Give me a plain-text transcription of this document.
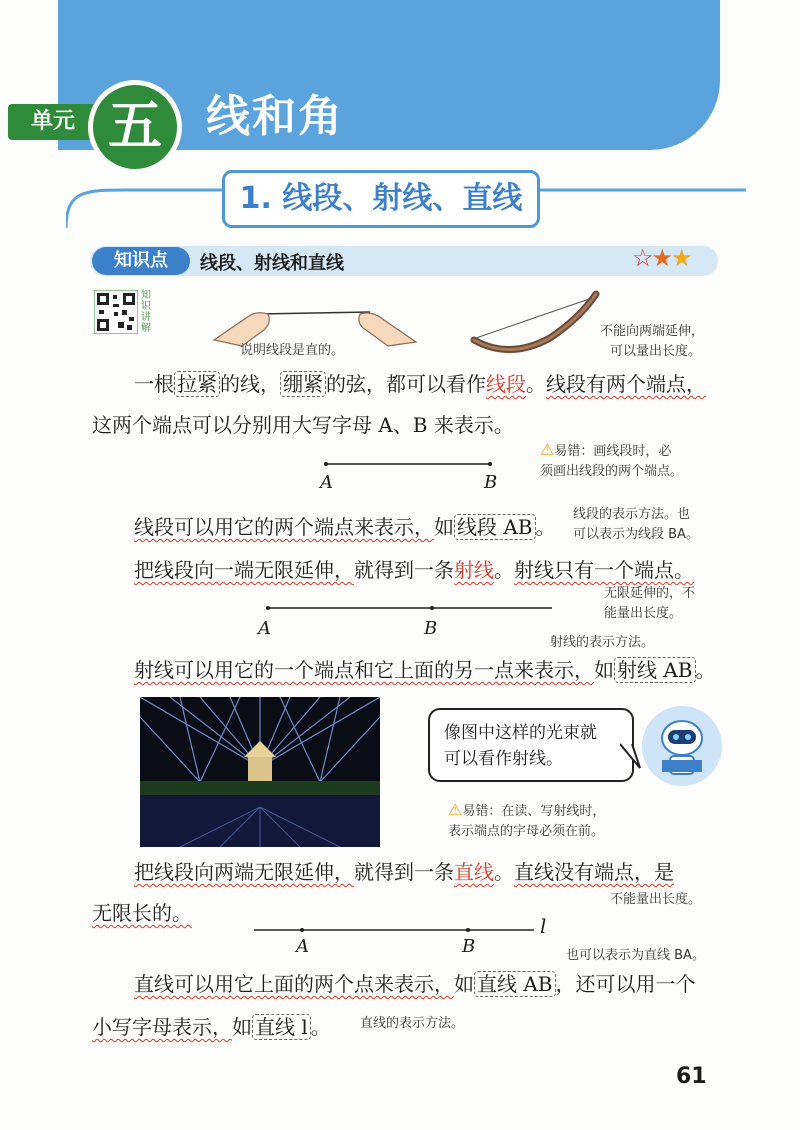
单元 五	线和角
1. 线段、射线、直线
知识点	线段、射线和直线	☆★★
知
识
讲
解
说明线段是直的。
不能向两端延伸，
可以量出长度。
一根 拉紧 的线， 绷紧 的弦，都可以看作线段。线段有两个端点，
这两个端点可以分别用大写字母 A、B 来表示。
⚠易错：画线段时，必
须画出线段的两个端点。
A	B
线段可以用它的两个端点来表示，如 线段 AB 。
线段的表示方法。也
可以表示为线段 BA。
把线段向一端无限延伸，就得到一条射线。射线只有一个端点。
无限延伸的，不
能量出长度。
A	B
射线的表示方法。
射线可以用它的一个端点和它上面的另一点来表示，如 射线 AB 。
像图中这样的光束就
可以看作射线。
⚠易错：在读、写射线时，
表示端点的字母必须在前。
把线段向两端无限延伸，就得到一条直线。直线没有端点，是
不能量出长度。
无限长的。
A	B
l
也可以表示为直线 BA。
直线可以用它上面的两个点来表示，如 直线 AB ，还可以用一个
小写字母表示，如 直线 l 。 直线的表示方法。
61
